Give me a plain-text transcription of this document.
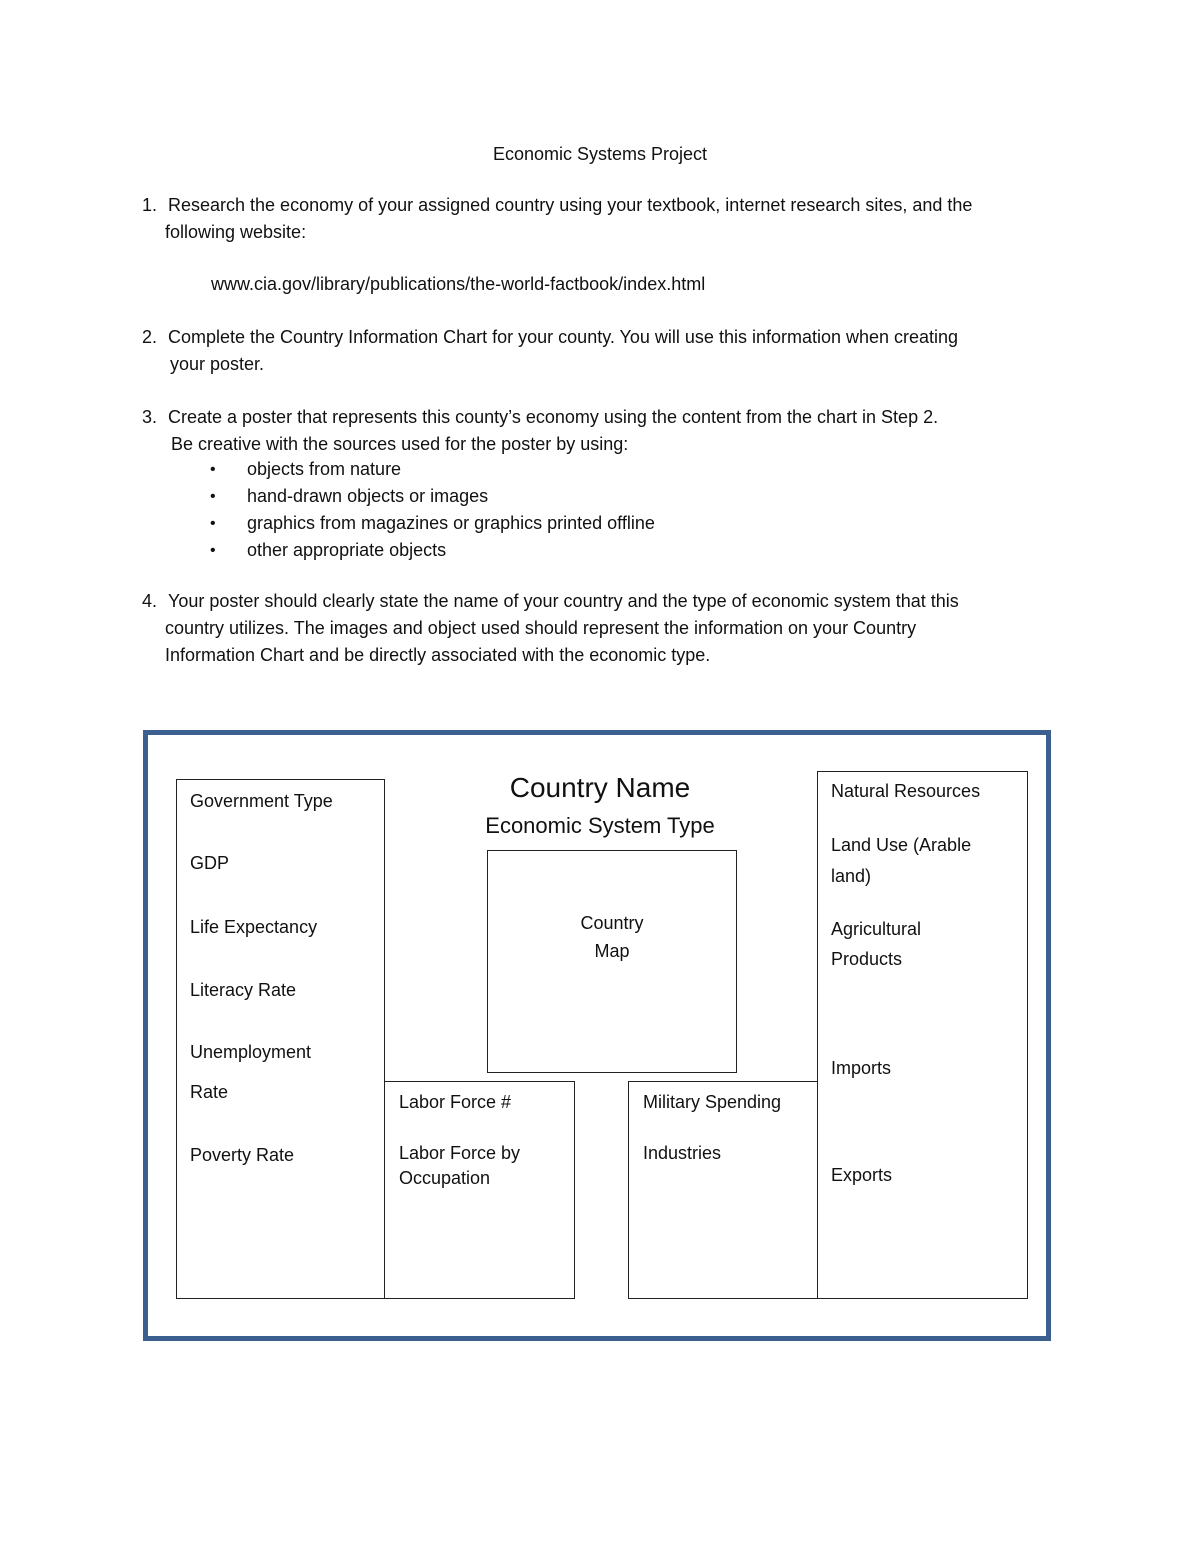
Economic Systems Project
1. Research the economy of your assigned country using your textbook, internet research sites, and the
following website:
www.cia.gov/library/publications/the-world-factbook/index.html
2. Complete the Country Information Chart for your county. You will use this information when creating
your poster.
3. Create a poster that represents this county’s economy using the content from the chart in Step 2.
Be creative with the sources used for the poster by using:
• objects from nature
• hand-drawn objects or images
• graphics from magazines or graphics printed offline
• other appropriate objects
4. Your poster should clearly state the name of your country and the type of economic system that this
country utilizes. The images and object used should represent the information on your Country
Information Chart and be directly associated with the economic type.
Government Type
GDP
Life Expectancy
Literacy Rate
Unemployment
Rate
Poverty Rate
Country Name
Economic System Type
Country
Map
Labor Force #
Labor Force by
Occupation
Military Spending
Industries
Natural Resources
Land Use (Arable
land)
Agricultural
Products
Imports
Exports
